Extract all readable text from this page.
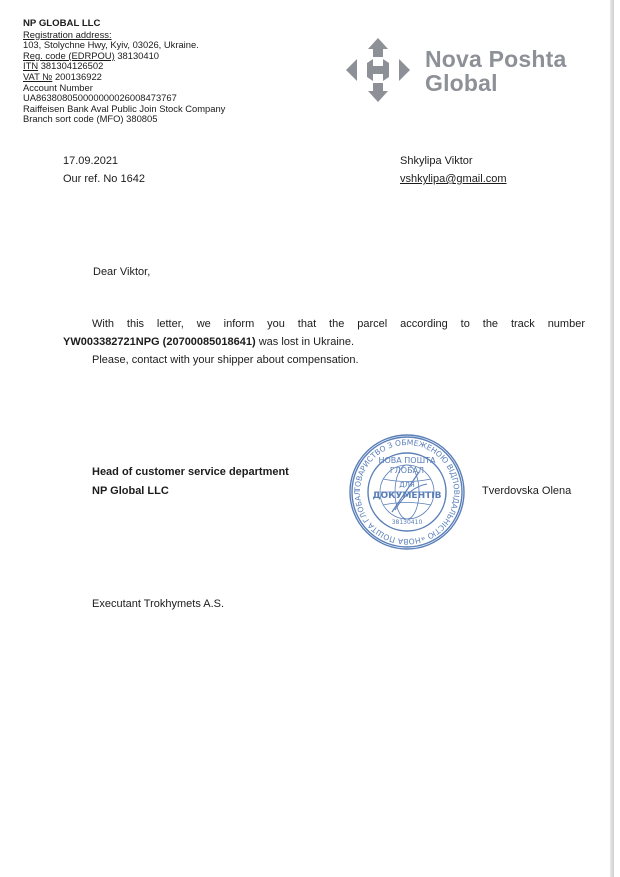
NP GLOBAL LLC
Registration address:
103, Stolychne Hwy, Kyiv, 03026, Ukraine.
Reg. code (EDRPOU) 38130410
ITN 381304126502
VAT № 200136922
Account Number
UA863808050000000026008473767
Raiffeisen Bank Aval Public Join Stock Company
Branch sort code (MFO) 380805
Nova Poshta
Global
17.09.2021
Our ref. No 1642
Shkylipa Viktor
vshkylipa@gmail.com
Dear Viktor,
With this letter, we inform you that the parcel according to the track number
YW003382721NPG (20700085018641) was lost in Ukraine.
Please, contact with your shipper about compensation.
Head of customer service department
NP Global LLC	Tverdovska Olena
ТОВАРИСТВО З ОБМЕЖЕНОЮ ВІДПОВІДАЛЬНІСТЮ «НОВА ПОШТА ГЛОБАЛ
НОВА ПОШТА
ГЛОБАЛ
ДЛЯ
ДОКУМЕНТІВ
38130410
Executant Trokhymets A.S.
